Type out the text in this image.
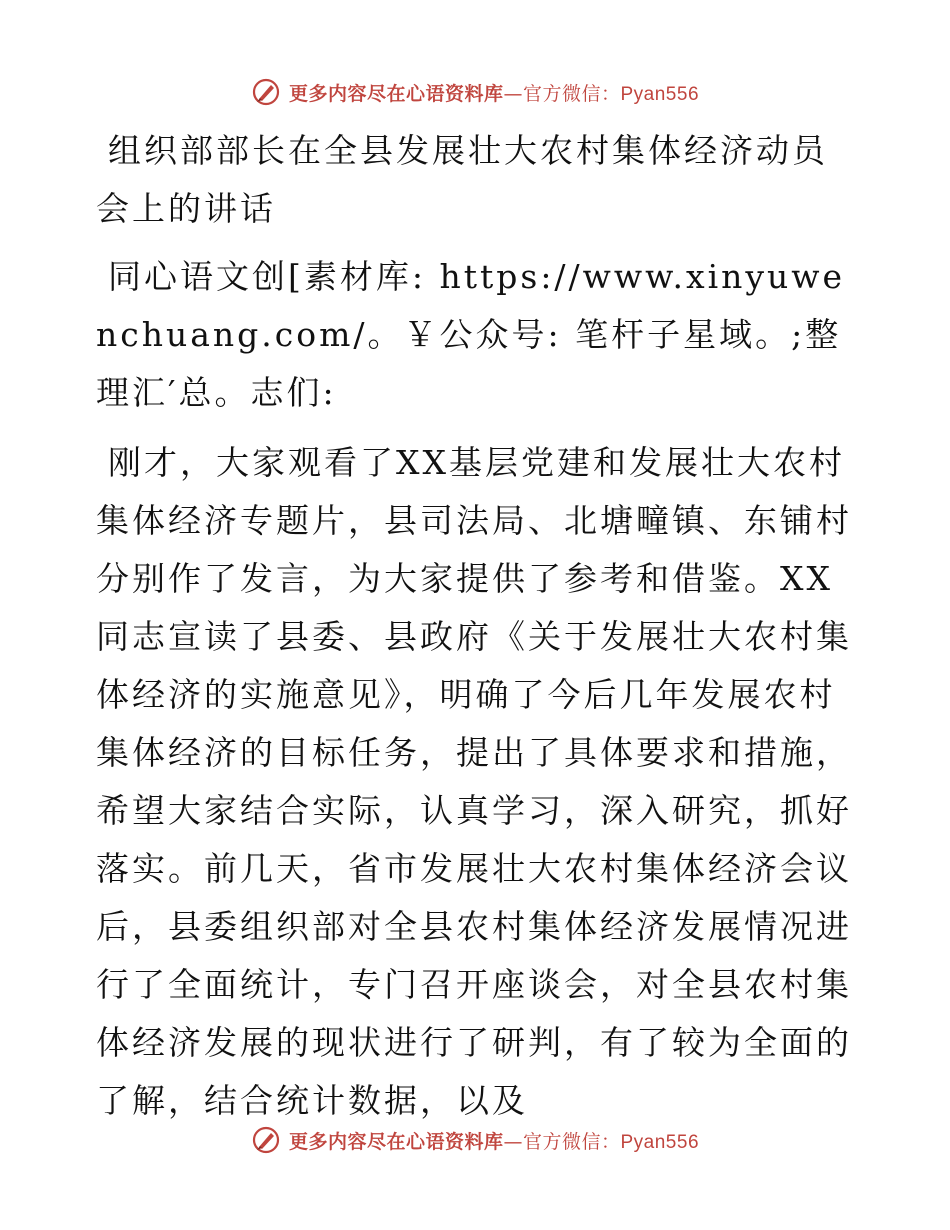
更多内容尽在心语资料库—官方微信：Pyan556

组织部部长在全县发展壮大农村集体经济动员会上的讲话

同心语文创[素材库: https://www.xinyuwenchuang.com/。￥公众号: 笔杆子星域。;整理汇′总。志们:

刚才，大家观看了XX基层党建和发展壮大农村集体经济专题片，县司法局、北塘疃镇、东铺村分别作了发言，为大家提供了参考和借鉴。XX同志宣读了县委、县政府《关于发展壮大农村集体经济的实施意见》，明确了今后几年发展农村集体经济的目标任务，提出了具体要求和措施，希望大家结合实际，认真学习，深入研究，抓好落实。前几天，省市发展壮大农村集体经济会议后，县委组织部对全县农村集体经济发展情况进行了全面统计，专门召开座谈会，对全县农村集体经济发展的现状进行了研判，有了较为全面的了解，结合统计数据，以及

更多内容尽在心语资料库—官方微信：Pyan556
